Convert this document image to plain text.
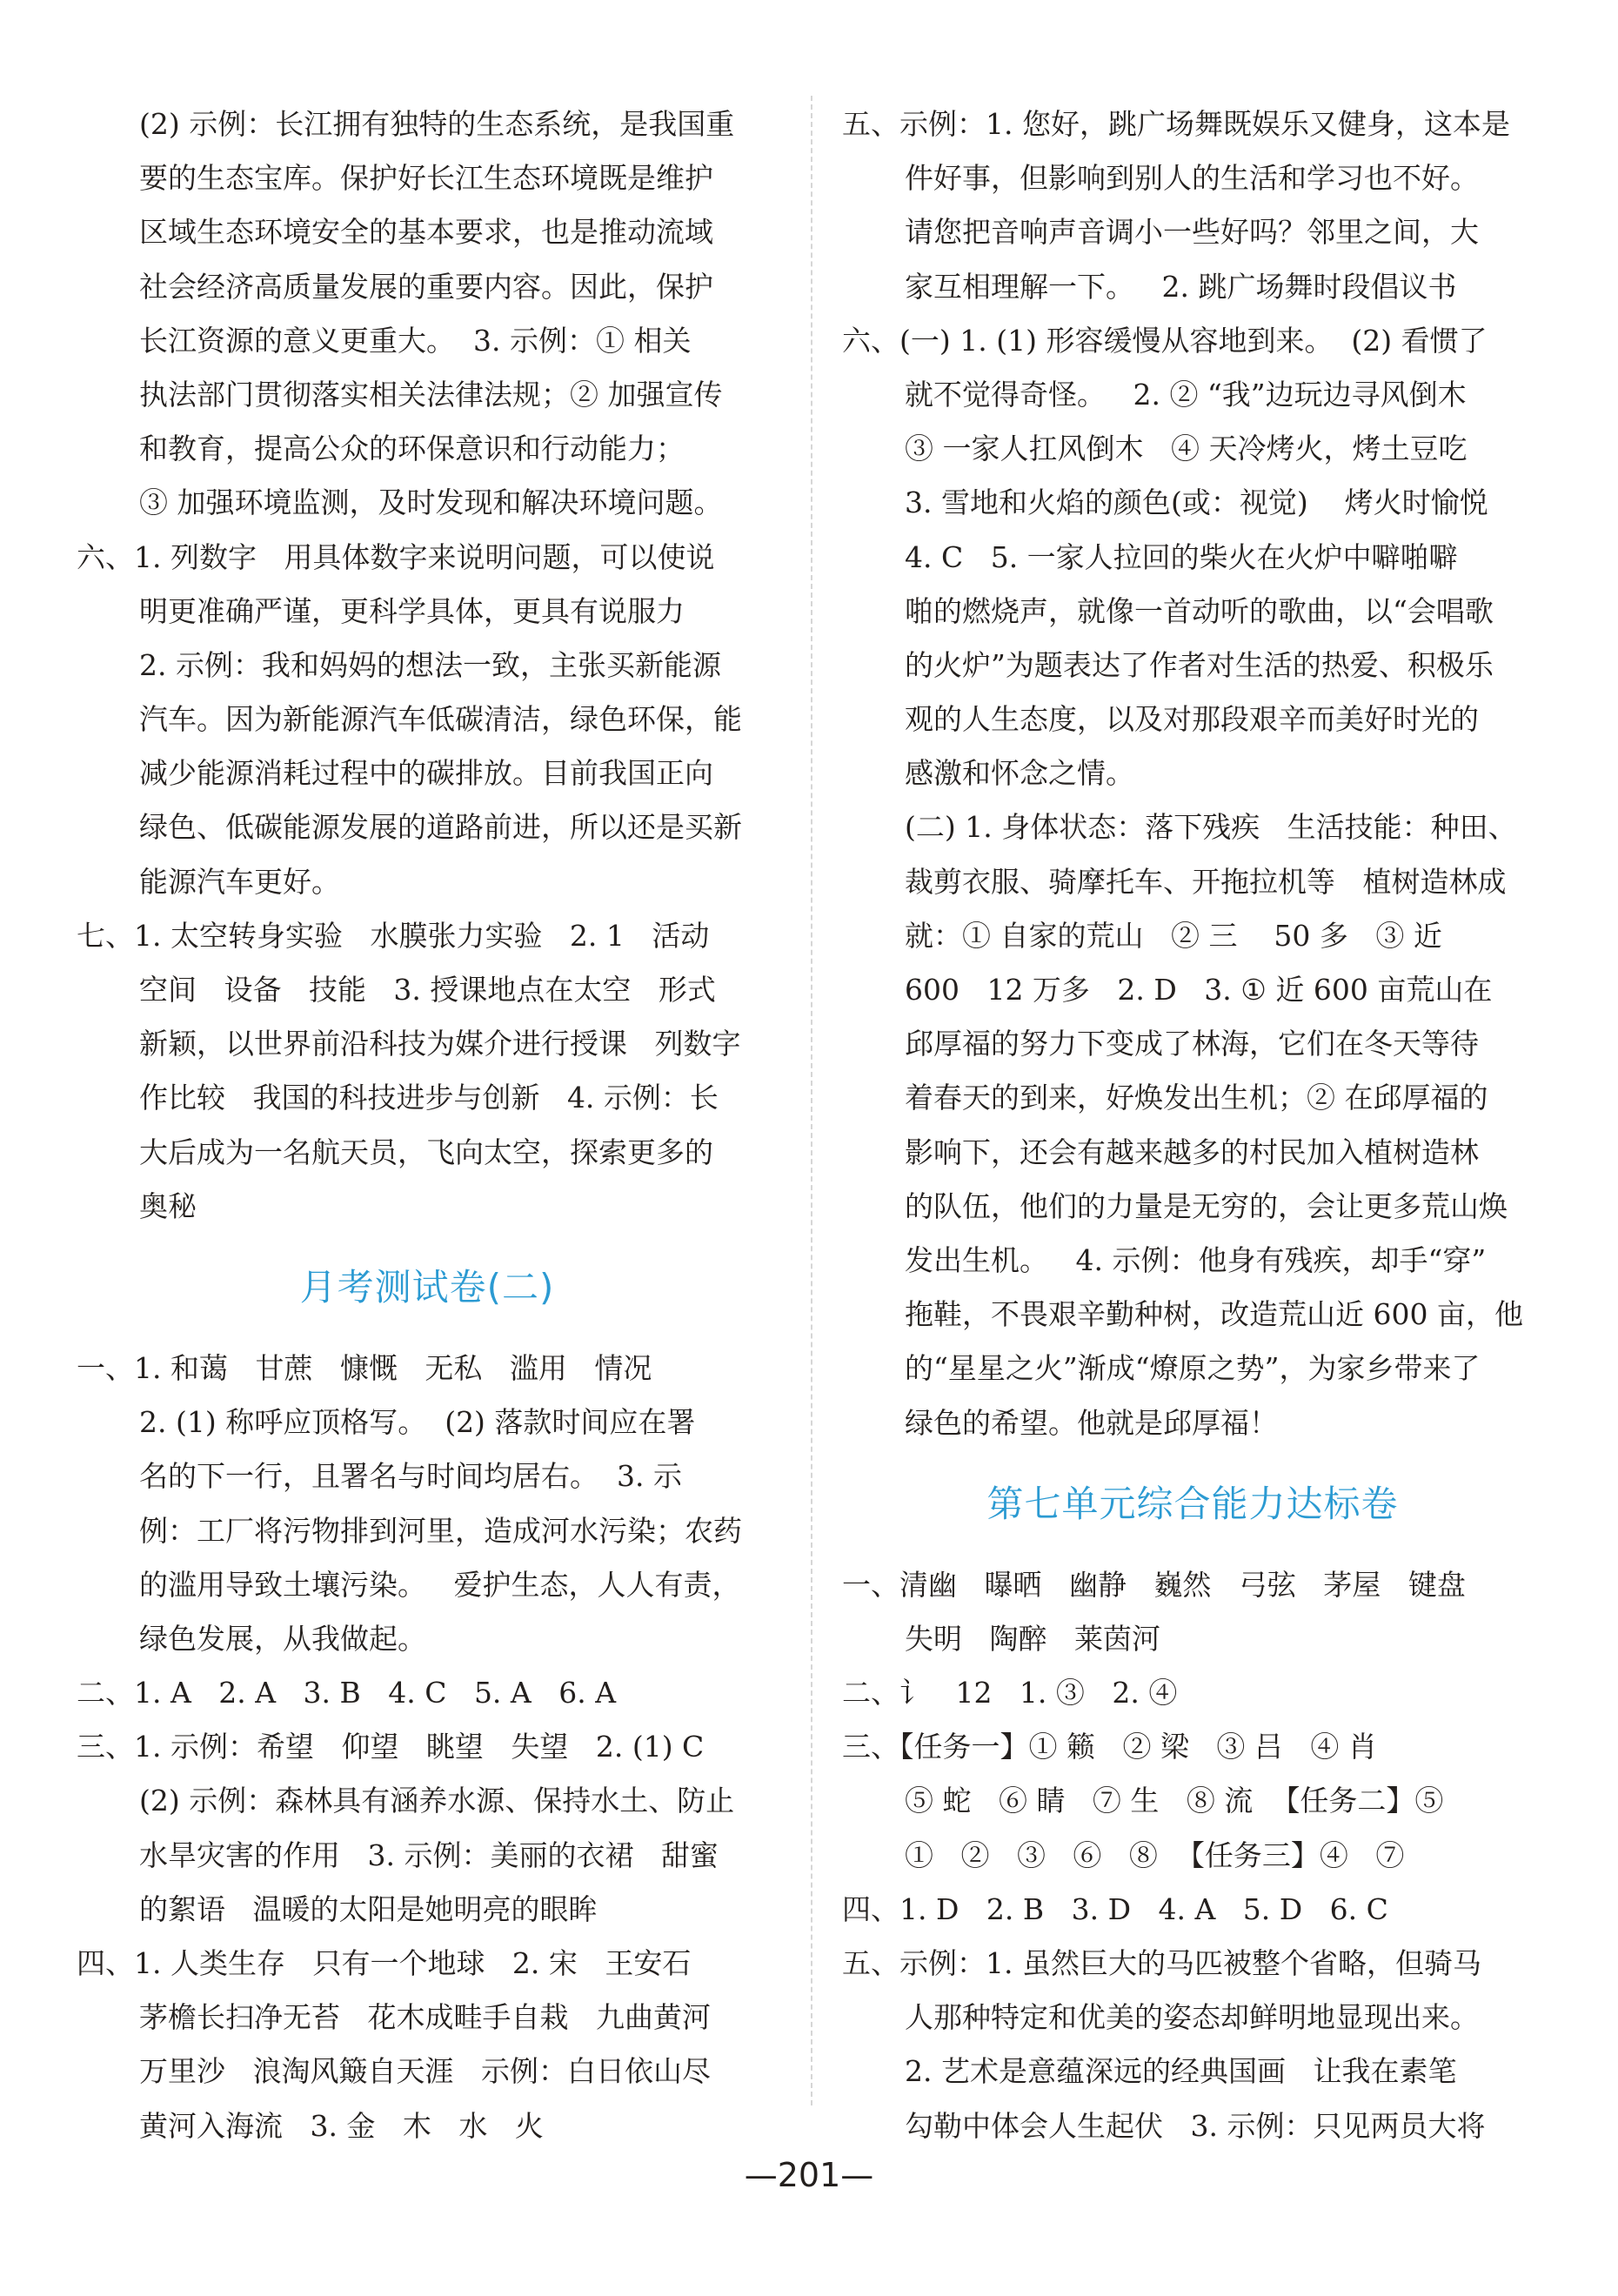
(2) 示例：长江拥有独特的生态系统，是我国重
要的生态宝库。保护好长江生态环境既是维护
区域生态环境安全的基本要求，也是推动流域
社会经济高质量发展的重要内容。因此，保护
长江资源的意义更重大。  3. 示例：① 相关
执法部门贯彻落实相关法律法规；② 加强宣传
和教育，提高公众的环保意识和行动能力；
③ 加强环境监测，及时发现和解决环境问题。
六、1. 列数字   用具体数字来说明问题，可以使说
明更准确严谨，更科学具体，更具有说服力
2. 示例：我和妈妈的想法一致，主张买新能源
汽车。因为新能源汽车低碳清洁，绿色环保，能
减少能源消耗过程中的碳排放。目前我国正向
绿色、低碳能源发展的道路前进，所以还是买新
能源汽车更好。
七、1. 太空转身实验   水膜张力实验   2. 1   活动
空间   设备   技能   3. 授课地点在太空   形式
新颖，以世界前沿科技为媒介进行授课   列数字
作比较   我国的科技进步与创新   4. 示例：长
大后成为一名航天员，飞向太空，探索更多的
奥秘
月考测试卷(二)
一、1. 和蔼   甘蔗   慷慨   无私   滥用   情况
2. (1) 称呼应顶格写。  (2) 落款时间应在署
名的下一行，且署名与时间均居右。  3. 示
例：工厂将污物排到河里，造成河水污染；农药
的滥用导致土壤污染。   爱护生态，人人有责，
绿色发展，从我做起。
二、1. A   2. A   3. B   4. C   5. A   6. A
三、1. 示例：希望   仰望   眺望   失望   2. (1) C
(2) 示例：森林具有涵养水源、保持水土、防止
水旱灾害的作用   3. 示例：美丽的衣裙   甜蜜
的絮语   温暖的太阳是她明亮的眼眸
四、1. 人类生存   只有一个地球   2. 宋   王安石
茅檐长扫净无苔   花木成畦手自栽   九曲黄河
万里沙   浪淘风簸自天涯   示例：白日依山尽
黄河入海流   3. 金   木   水   火
五、示例：1. 您好，跳广场舞既娱乐又健身，这本是
件好事，但影响到别人的生活和学习也不好。
请您把音响声音调小一些好吗？邻里之间，大
家互相理解一下。   2. 跳广场舞时段倡议书
六、(一) 1. (1) 形容缓慢从容地到来。  (2) 看惯了
就不觉得奇怪。   2. ② “我”边玩边寻风倒木
③ 一家人扛风倒木   ④ 天冷烤火，烤土豆吃
3. 雪地和火焰的颜色(或：视觉)    烤火时愉悦
4. C   5. 一家人拉回的柴火在火炉中噼啪噼
啪的燃烧声，就像一首动听的歌曲，以“会唱歌
的火炉”为题表达了作者对生活的热爱、积极乐
观的人生态度，以及对那段艰辛而美好时光的
感激和怀念之情。
(二) 1. 身体状态：落下残疾   生活技能：种田、
裁剪衣服、骑摩托车、开拖拉机等   植树造林成
就：① 自家的荒山   ② 三    50 多   ③ 近
600   12 万多   2. D   3. ① 近 600 亩荒山在
邱厚福的努力下变成了林海，它们在冬天等待
着春天的到来，好焕发出生机；② 在邱厚福的
影响下，还会有越来越多的村民加入植树造林
的队伍，他们的力量是无穷的，会让更多荒山焕
发出生机。   4. 示例：他身有残疾，却手“穿”
拖鞋，不畏艰辛勤种树，改造荒山近 600 亩，他
的“星星之火”渐成“燎原之势”，为家乡带来了
绿色的希望。他就是邱厚福！
第七单元综合能力达标卷
一、清幽   曝晒   幽静   巍然   弓弦   茅屋   键盘
失明   陶醉   莱茵河
二、讠   12   1. ③   2. ④
三、【任务一】① 籁   ② 梁   ③ 吕   ④ 肖
⑤ 蛇   ⑥ 睛   ⑦ 生   ⑧ 流  【任务二】⑤
①   ②   ③   ⑥   ⑧  【任务三】④   ⑦
四、1. D   2. B   3. D   4. A   5. D   6. C
五、示例：1. 虽然巨大的马匹被整个省略，但骑马
人那种特定和优美的姿态却鲜明地显现出来。
2. 艺术是意蕴深远的经典国画   让我在素笔
勾勒中体会人生起伏   3. 示例：只见两员大将
—201—
